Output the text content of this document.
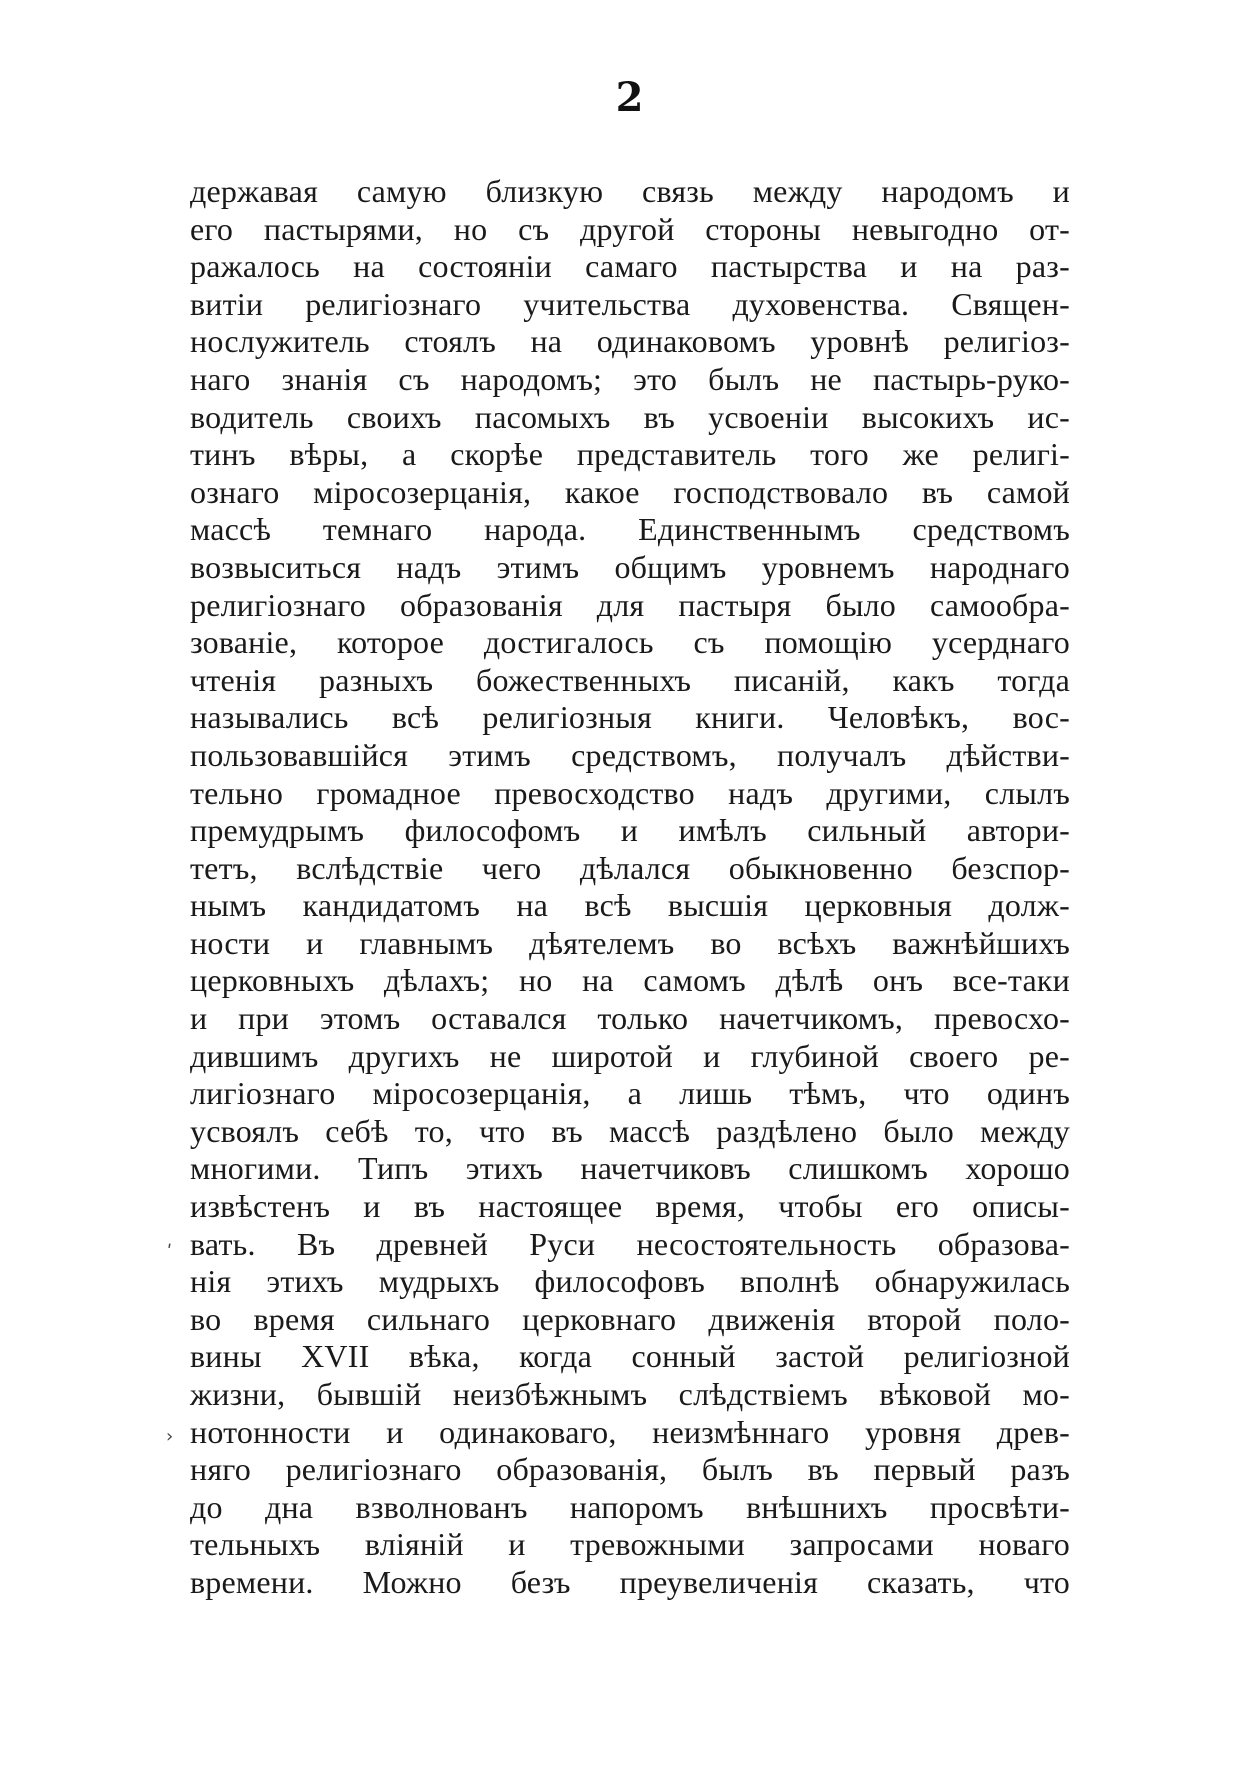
2
державая самую близкую связь между народомъ и
его пастырями, но съ другой стороны невыгодно от-
ражалось на состояніи самаго пастырства и на раз-
витіи религіознаго учительства духовенства. Священ-
нослужитель стоялъ на одинаковомъ уровнѣ религіоз-
наго знанія съ народомъ; это былъ не пастырь-руко-
водитель своихъ пасомыхъ въ усвоеніи высокихъ ис-
тинъ вѣры, а скорѣе представитель того же религі-
ознаго міросозерцанія, какое господствовало въ самой
массѣ темнаго народа. Единственнымъ средствомъ
возвыситься надъ этимъ общимъ уровнемъ народнаго
религіознаго образованія для пастыря было самообра-
зованіе, которое достигалось съ помощію усерднаго
чтенія разныхъ божественныхъ писаній, какъ тогда
назывались всѣ религіозныя книги. Человѣкъ, вос-
пользовавшійся этимъ средствомъ, получалъ дѣйстви-
тельно громадное превосходство надъ другими, слылъ
премудрымъ философомъ и имѣлъ сильный автори-
тетъ, вслѣдствіе чего дѣлался обыкновенно безспор-
нымъ кандидатомъ на всѣ высшія церковныя долж-
ности и главнымъ дѣятелемъ во всѣхъ важнѣйшихъ
церковныхъ дѣлахъ; но на самомъ дѣлѣ онъ все-таки
и при этомъ оставался только начетчикомъ, превосхо-
дившимъ другихъ не широтой и глубиной своего ре-
лигіознаго міросозерцанія, а лишь тѣмъ, что одинъ
усвоялъ себѣ то, что въ массѣ раздѣлено было между
многими. Типъ этихъ начетчиковъ слишкомъ хорошо
извѣстенъ и въ настоящее время, чтобы его описы-
вать. Въ древней Руси несостоятельность образова-
нія этихъ мудрыхъ философовъ вполнѣ обнаружилась
во время сильнаго церковнаго движенія второй поло-
вины XVII вѣка, когда сонный застой религіозной
жизни, бывшій неизбѣжнымъ слѣдствіемъ вѣковой мо-
нотонности и одинаковаго, неизмѣннаго уровня древ-
няго религіознаго образованія, былъ въ первый разъ
до дна взволнованъ напоромъ внѣшнихъ просвѣти-
тельныхъ вліяній и тревожными запросами новаго
времени. Можно безъ преувеличенія сказать, что
ʹ
›
